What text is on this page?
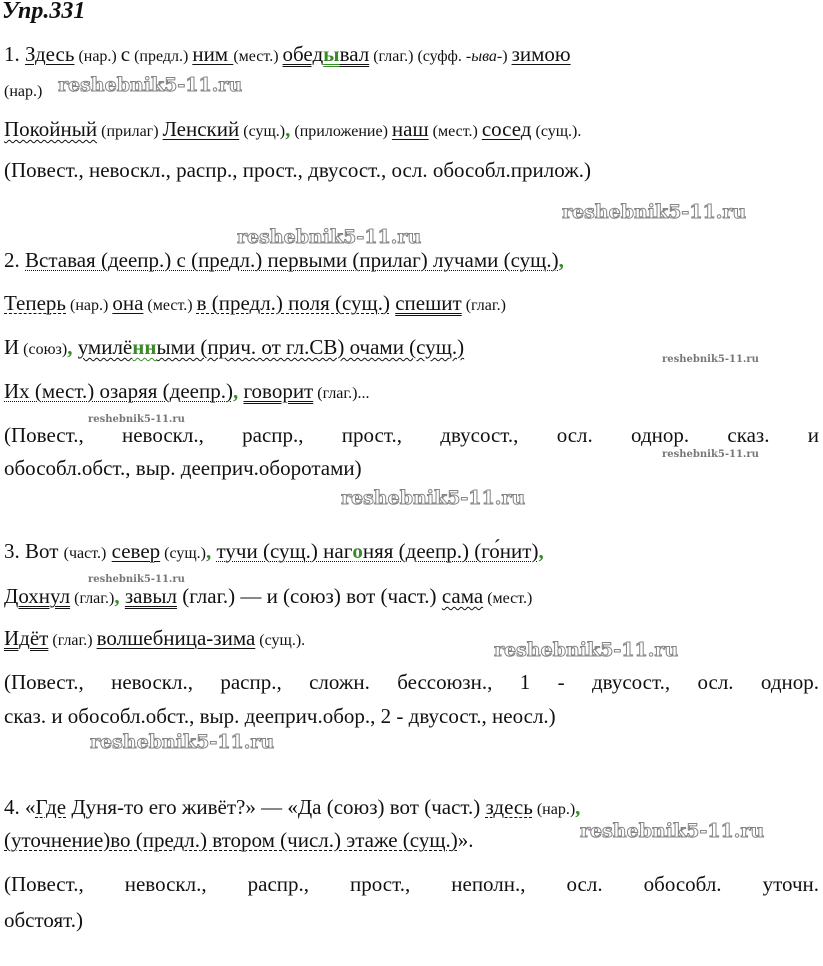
Упр.331
1. Здесь (нар.) с (предл.) ним (мест.) обедывал (глаг.) (суфф. -ыва-) зимою
(нар.)
Покойный (прилаг) Ленский (сущ.), (приложение) наш (мест.) сосед (сущ.).
(Повест., невоскл., распр., прост., двусост., осл. обособл.прилож.)
2. Вставая (деепр.) с (предл.) первыми (прилаг) лучами (сущ.),
Теперь (нар.) она (мест.) в (предл.) поля (сущ.) спешит (глаг.)
И (союз), умилёнными (прич. от гл.СВ) очами (сущ.)
Их (мест.) озаряя (деепр.), говорит (глаг.)...
(Повест., невоскл., распр., прост., двусост., осл. однор. сказ. и
обособл.обст., выр. дееприч.оборотами)
3. Вот (част.) север (сущ.), тучи (сущ.) нагоняя (деепр.) (го́нит),
Дохнул (глаг.), завыл (глаг.) — и (союз) вот (част.) сама (мест.)
Идёт (глаг.) волшебница-зима (сущ.).
(Повест., невоскл., распр., сложн. бессоюзн., 1 - двусост., осл. однор.
сказ. и обособл.обст., выр. дееприч.обор., 2 - двусост., неосл.)
4. «Где Дуня-то его живёт?» — «Да (союз) вот (част.) здесь (нар.),
(уточнение)во (предл.) втором (числ.) этаже (сущ.)».
(Повест., невоскл., распр., прост., неполн., осл. обособл. уточн.
обстоят.)
reshebnik5-11.ru
reshebnik5-11.ru
reshebnik5-11.ru
reshebnik5-11.ru
reshebnik5-11.ru
reshebnik5-11.ru
reshebnik5-11.ru
reshebnik5-11.ru
reshebnik5-11.ru
reshebnik5-11.ru
reshebnik5-11.ru
